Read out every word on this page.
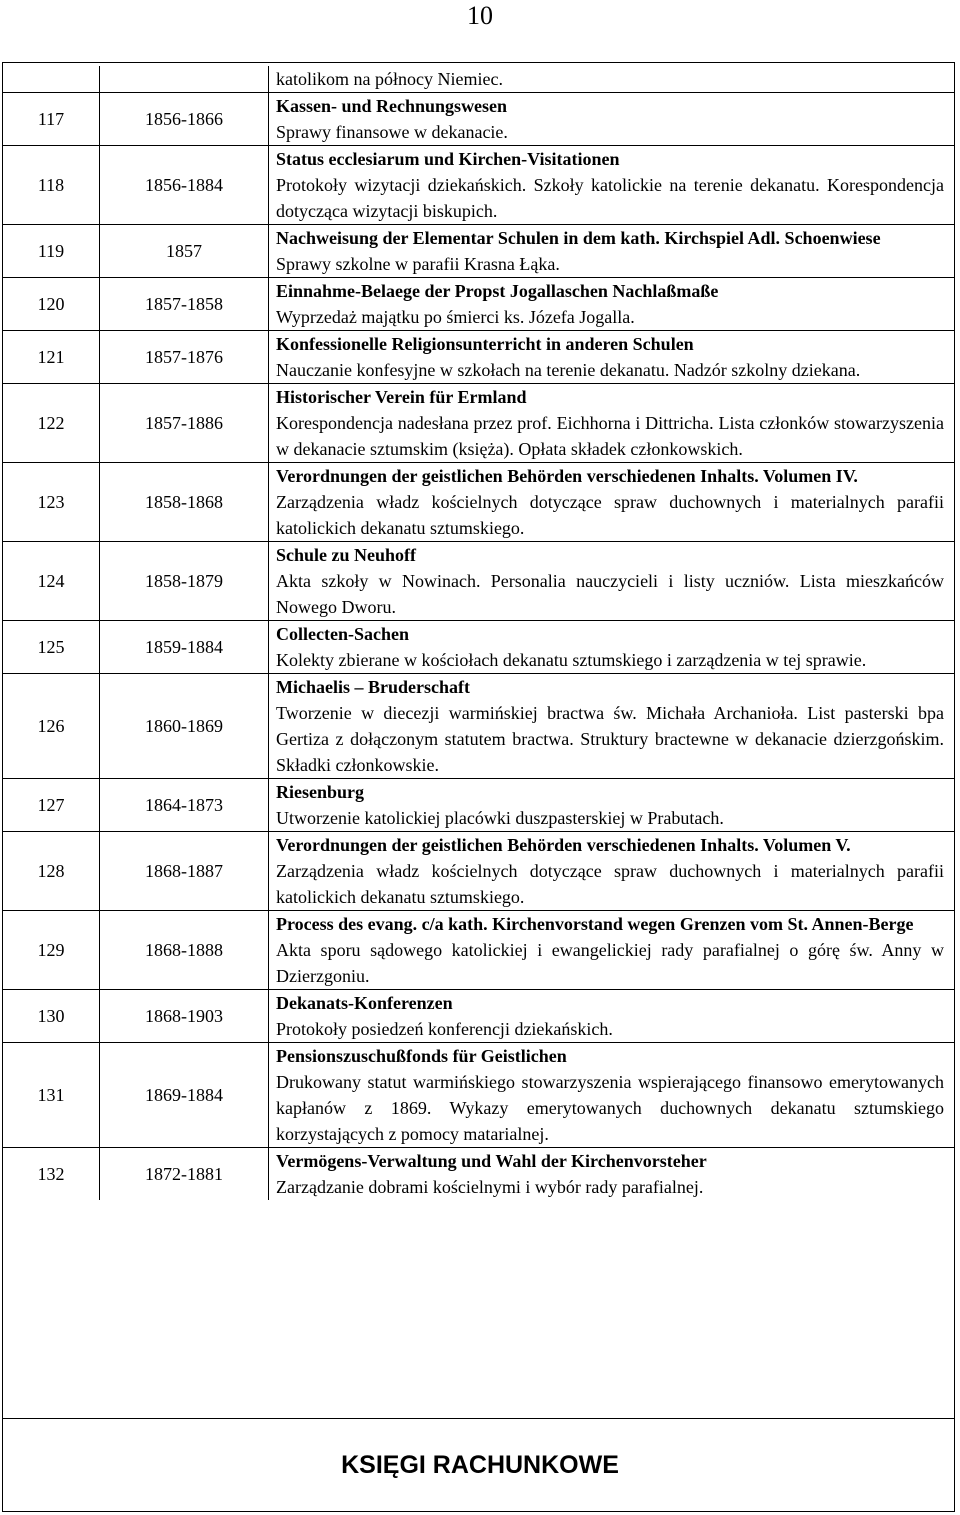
10

		katolikom na północy Niemiec.

117	1856-1866	Kassen- und Rechnungswesen
Sprawy finansowe w dekanacie.

118	1856-1884	Status ecclesiarum und Kirchen-Visitationen
Protokoły wizytacji dziekańskich. Szkoły katolickie na terenie dekanatu. Korespondencja dotycząca wizytacji biskupich.

119	1857	Nachweisung der Elementar Schulen in dem kath. Kirchspiel Adl. Schoenwiese
Sprawy szkolne w parafii Krasna Łąka.

120	1857-1858	Einnahme-Belaege der Propst Jogallaschen Nachlaßmaße
Wyprzedaż majątku po śmierci ks. Józefa Jogalla.

121	1857-1876	Konfessionelle Religionsunterricht in anderen Schulen
Nauczanie konfesyjne w szkołach na terenie dekanatu. Nadzór szkolny dziekana.

122	1857-1886	Historischer Verein für Ermland
Korespondencja nadesłana przez prof. Eichhorna i Dittricha. Lista członków stowarzyszenia w dekanacie sztumskim (księża). Opłata składek członkowskich.

123	1858-1868	Verordnungen der geistlichen Behörden verschiedenen Inhalts. Volumen IV.
Zarządzenia władz kościelnych dotyczące spraw duchownych i materialnych parafii katolickich dekanatu sztumskiego.

124	1858-1879	Schule zu Neuhoff
Akta szkoły w Nowinach. Personalia nauczycieli i listy uczniów. Lista mieszkańców Nowego Dworu.

125	1859-1884	Collecten-Sachen
Kolekty zbierane w kościołach dekanatu sztumskiego i zarządzenia w tej sprawie.

126	1860-1869	Michaelis – Bruderschaft
Tworzenie w diecezji warmińskiej bractwa św. Michała Archanioła. List pasterski bpa Gertiza z dołączonym statutem bractwa. Struktury bractewne w dekanacie dzierzgońskim. Składki członkowskie.

127	1864-1873	Riesenburg
Utworzenie katolickiej placówki duszpasterskiej w Prabutach.

128	1868-1887	Verordnungen der geistlichen Behörden verschiedenen Inhalts. Volumen V.
Zarządzenia władz kościelnych dotyczące spraw duchownych i materialnych parafii katolickich dekanatu sztumskiego.

129	1868-1888	Process des evang. c/a kath. Kirchenvorstand wegen Grenzen vom St. Annen-Berge
Akta sporu sądowego katolickiej i ewangelickiej rady parafialnej o górę św. Anny w Dzierzgoniu.

130	1868-1903	Dekanats-Konferenzen
Protokoły posiedzeń konferencji dziekańskich.

131	1869-1884	Pensionszuschußfonds für Geistlichen
Drukowany statut warmińskiego stowarzyszenia wspierającego finansowo emerytowanych kapłanów z 1869. Wykazy emerytowanych duchownych dekanatu sztumskiego korzystających z pomocy matarialnej.

132	1872-1881	Vermögens-Verwaltung und Wahl der Kirchenvorsteher
Zarządzanie dobrami kościelnymi i wybór rady parafialnej.
KSIĘGI RACHUNKOWE
